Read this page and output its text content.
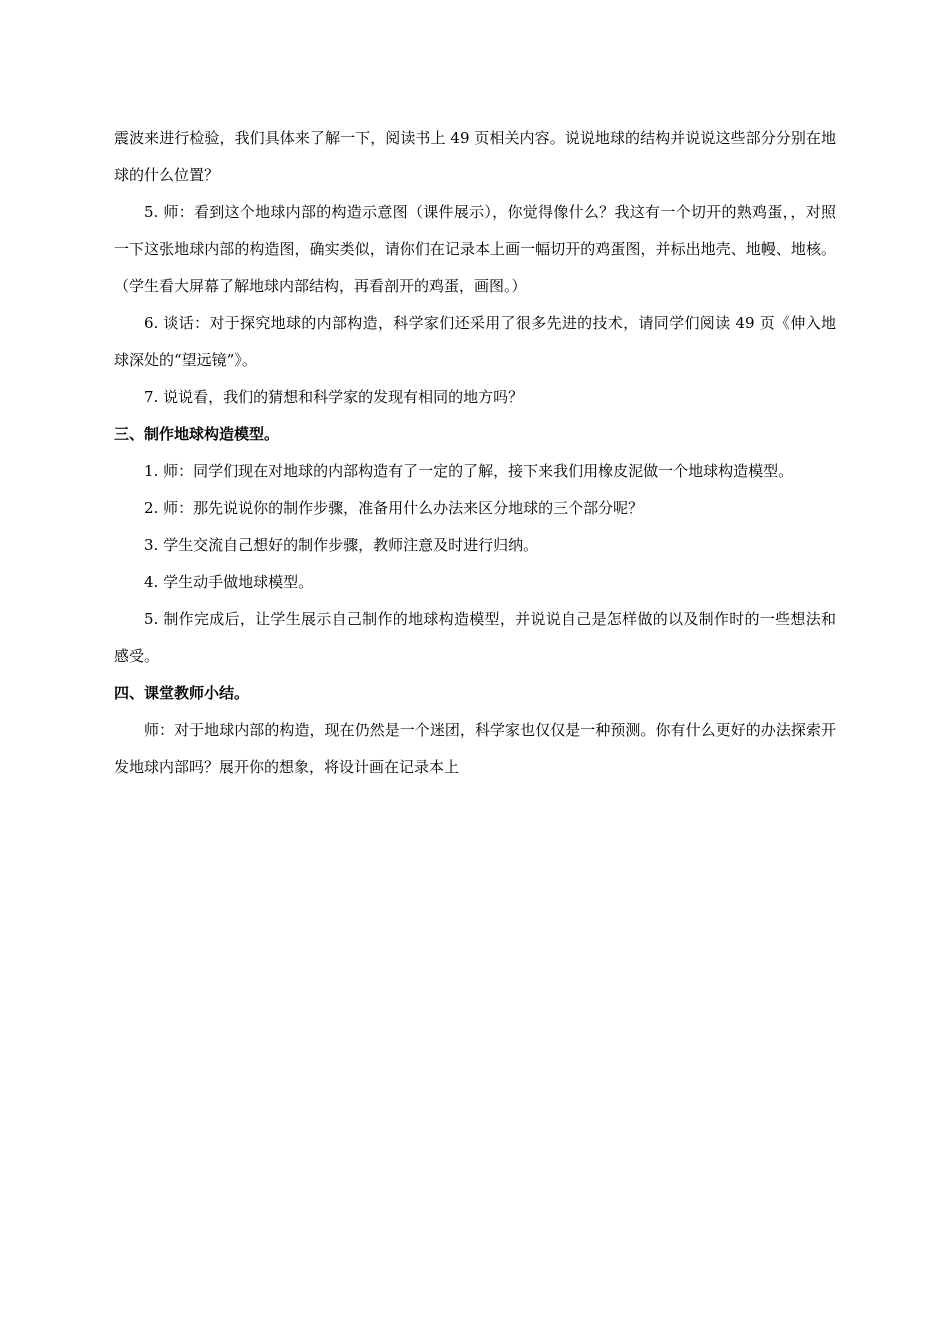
震波来进行检验，我们具体来了解一下，阅读书上 49 页相关内容。说说地球的结构并说说这些部分分别在地球的什么位置？

5. 师：看到这个地球内部的构造示意图（课件展示），你觉得像什么？我这有一个切开的熟鸡蛋，，对照一下这张地球内部的构造图，确实类似，请你们在记录本上画一幅切开的鸡蛋图，并标出地壳、地幔、地核。（学生看大屏幕了解地球内部结构，再看剖开的鸡蛋，画图。）

6. 谈话：对于探究地球的内部构造，科学家们还采用了很多先进的技术，请同学们阅读 49 页《伸入地球深处的“望远镜”》。

7. 说说看，我们的猜想和科学家的发现有相同的地方吗？

三、制作地球构造模型。

1. 师：同学们现在对地球的内部构造有了一定的了解，接下来我们用橡皮泥做一个地球构造模型。

2. 师：那先说说你的制作步骤，准备用什么办法来区分地球的三个部分呢？

3. 学生交流自己想好的制作步骤，教师注意及时进行归纳。

4. 学生动手做地球模型。

5. 制作完成后，让学生展示自己制作的地球构造模型，并说说自己是怎样做的以及制作时的一些想法和感受。

四、课堂教师小结。

师：对于地球内部的构造，现在仍然是一个迷团，科学家也仅仅是一种预测。你有什么更好的办法探索开发地球内部吗？展开你的想象，将设计画在记录本上
